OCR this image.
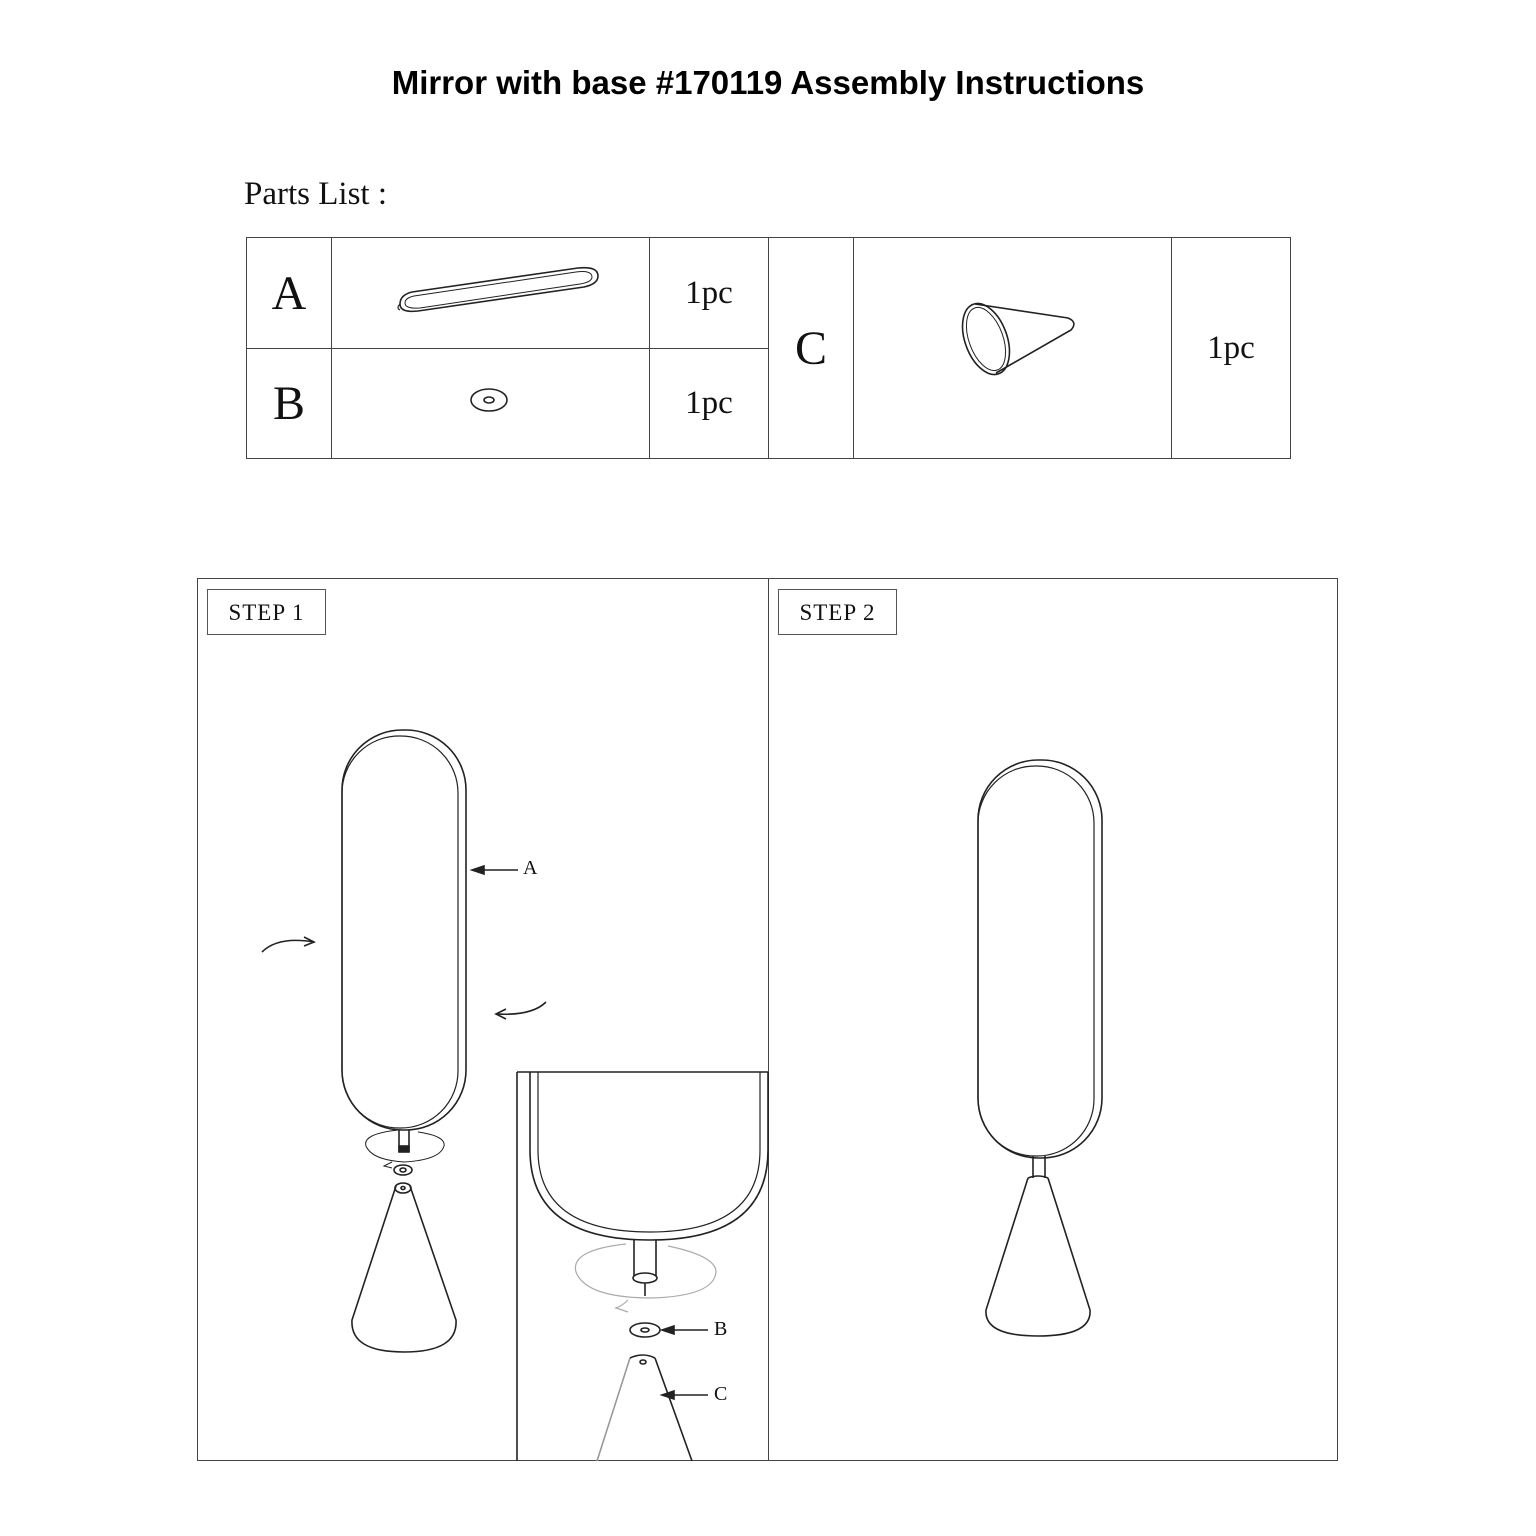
Mirror with base #170119 Assembly Instructions
Parts List :
A		1pc	C		1pc
B		1pc			
STEP 1	STEP 2
A
B
C
